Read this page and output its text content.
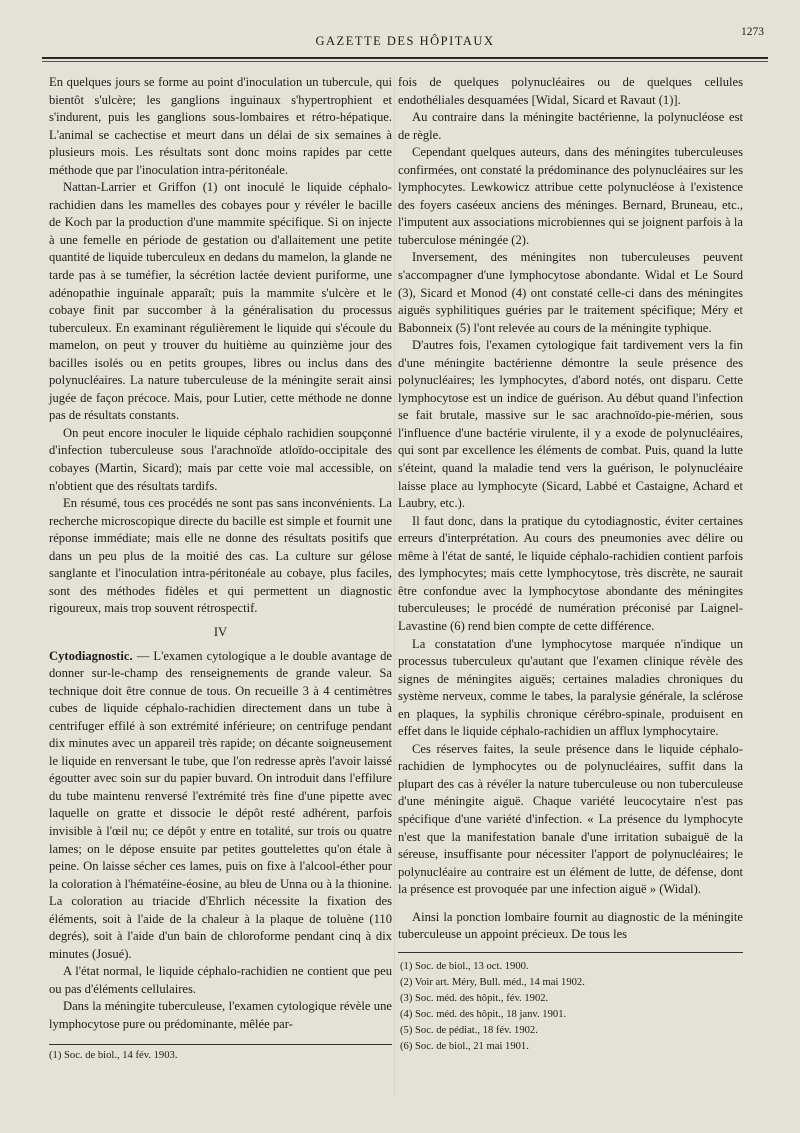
GAZETTE DES HÔPITAUX
1273

En quelques jours se forme au point d'inoculation un tubercule, qui bientôt s'ulcère; les ganglions inguinaux s'hypertrophient et s'indurent, puis les ganglions sous-lombaires et rétro-hépatique. L'animal se cachectise et meurt dans un délai de six semaines à plusieurs mois. Les résultats sont donc moins rapides par cette méthode que par l'inoculation intra-péritonéale.

Nattan-Larrier et Griffon (1) ont inoculé le liquide céphalo-rachidien dans les mamelles des cobayes pour y révéler le bacille de Koch par la production d'une mammite spécifique. Si on injecte à une femelle en période de gestation ou d'allaitement une petite quantité de liquide tuberculeux en dedans du mamelon, la glande ne tarde pas à se tuméfier, la sécrétion lactée devient puriforme, une adénopathie inguinale apparaît; puis la mammite s'ulcère et le cobaye finit par succomber à la généralisation du processus tuberculeux. En examinant régulièrement le liquide qui s'écoule du mamelon, on peut y trouver du huitième au quinzième jour des bacilles isolés ou en petits groupes, libres ou inclus dans des polynucléaires. La nature tuberculeuse de la méningite serait ainsi jugée de façon précoce. Mais, pour Lutier, cette méthode ne donne pas de résultats constants.

On peut encore inoculer le liquide céphalo rachidien soupçonné d'infection tuberculeuse sous l'arachnoïde atloïdo-occipitale des cobayes (Martin, Sicard); mais par cette voie mal accessible, on n'obtient que des résultats tardifs.

En résumé, tous ces procédés ne sont pas sans inconvénients. La recherche microscopique directe du bacille est simple et fournit une réponse immédiate; mais elle ne donne des résultats positifs que dans un peu plus de la moitié des cas. La culture sur gélose sanglante et l'inoculation intra-péritonéale au cobaye, plus faciles, sont des méthodes fidèles et qui permettent un diagnostic rigoureux, mais trop souvent rétrospectif.

IV

Cytodiagnostic. — L'examen cytologique a le double avantage de donner sur-le-champ des renseignements de grande valeur. Sa technique doit être connue de tous. On recueille 3 à 4 centimètres cubes de liquide céphalo-rachidien directement dans un tube à centrifuger effilé à son extrémité inférieure; on centrifuge pendant dix minutes avec un appareil très rapide; on décante soigneusement le liquide en renversant le tube, que l'on redresse après l'avoir laissé égoutter avec soin sur du papier buvard. On introduit dans l'effilure du tube maintenu renversé l'extrémité très fine d'une pipette avec laquelle on gratte et dissocie le dépôt resté adhérent, parfois invisible à l'œil nu; ce dépôt y entre en totalité, sur trois ou quatre lames; on le dépose ensuite par petites gouttelettes qu'on étale à peine. On laisse sécher ces lames, puis on fixe à l'alcool-éther pour la coloration à l'hématéine-éosine, au bleu de Unna ou à la thionine. La coloration au triacide d'Ehrlich nécessite la fixation des éléments, soit à l'aide de la chaleur à la plaque de toluène (110 degrés), soit à l'aide d'un bain de chloroforme pendant cinq à dix minutes (Josué).

A l'état normal, le liquide céphalo-rachidien ne contient que peu ou pas d'éléments cellulaires.

Dans la méningite tuberculeuse, l'examen cytologique révèle une lymphocytose pure ou prédominante, mêlée par-

(1) Soc. de biol., 14 fév. 1903.

fois de quelques polynucléaires ou de quelques cellules endothéliales desquamées [Widal, Sicard et Ravaut (1)].

Au contraire dans la méningite bactérienne, la polynucléose est de règle.

Cependant quelques auteurs, dans des méningites tuberculeuses confirmées, ont constaté la prédominance des polynucléaires sur les lymphocytes. Lewkowicz attribue cette polynucléose à l'existence des foyers caséeux anciens des méninges. Bernard, Bruneau, etc., l'imputent aux associations microbiennes qui se joignent parfois à la tuberculose méningée (2).

Inversement, des méningites non tuberculeuses peuvent s'accompagner d'une lymphocytose abondante. Widal et Le Sourd (3), Sicard et Monod (4) ont constaté celle-ci dans des méningites aiguës syphilitiques guéries par le traitement spécifique; Méry et Babonneix (5) l'ont relevée au cours de la méningite typhique.

D'autres fois, l'examen cytologique fait tardivement vers la fin d'une méningite bactérienne démontre la seule présence des polynucléaires; les lymphocytes, d'abord notés, ont disparu. Cette lymphocytose est un indice de guérison. Au début quand l'infection se fait brutale, massive sur le sac arachnoïdo-pie-mérien, sous l'influence d'une bactérie virulente, il y a exode de polynucléaires, qui sont par excellence les éléments de combat. Puis, quand la lutte s'éteint, quand la maladie tend vers la guérison, le polynucléaire laisse place au lymphocyte (Sicard, Labbé et Castaigne, Achard et Laubry, etc.).

Il faut donc, dans la pratique du cytodiagnostic, éviter certaines erreurs d'interprétation. Au cours des pneumonies avec délire ou même à l'état de santé, le liquide céphalo-rachidien contient parfois des lymphocytes; mais cette lymphocytose, très discrète, ne saurait être confondue avec la lymphocytose abondante des méningites tuberculeuses; le procédé de numération préconisé par Laignel-Lavastine (6) rend bien compte de cette différence.

La constatation d'une lymphocytose marquée n'indique un processus tuberculeux qu'autant que l'examen clinique révèle des signes de méningites aiguës; certaines maladies chroniques du système nerveux, comme le tabes, la paralysie générale, la sclérose en plaques, la syphilis chronique cérébro-spinale, produisent en effet dans le liquide céphalo-rachidien un afflux lymphocytaire.

Ces réserves faites, la seule présence dans le liquide céphalo-rachidien de lymphocytes ou de polynucléaires, suffit dans la plupart des cas à révéler la nature tuberculeuse ou non tuberculeuse d'une méningite aiguë. Chaque variété leucocytaire n'est pas spécifique d'une variété d'infection. « La présence du lymphocyte n'est que la manifestation banale d'une irritation subaiguë de la séreuse, insuffisante pour nécessiter l'apport de polynucléaires; le polynucléaire au contraire est un élément de lutte, de défense, dont la présence est provoquée par une infection aiguë » (Widal).

Ainsi la ponction lombaire fournit au diagnostic de la méningite tuberculeuse un appoint précieux. De tous les

(1) Soc. de biol., 13 oct. 1900.
(2) Voir art. Méry, Bull. méd., 14 mai 1902.
(3) Soc. méd. des hôpit., fév. 1902.
(4) Soc. méd. des hôpit., 18 janv. 1901.
(5) Soc. de pédiat., 18 fév. 1902.
(6) Soc. de biol., 21 mai 1901.
